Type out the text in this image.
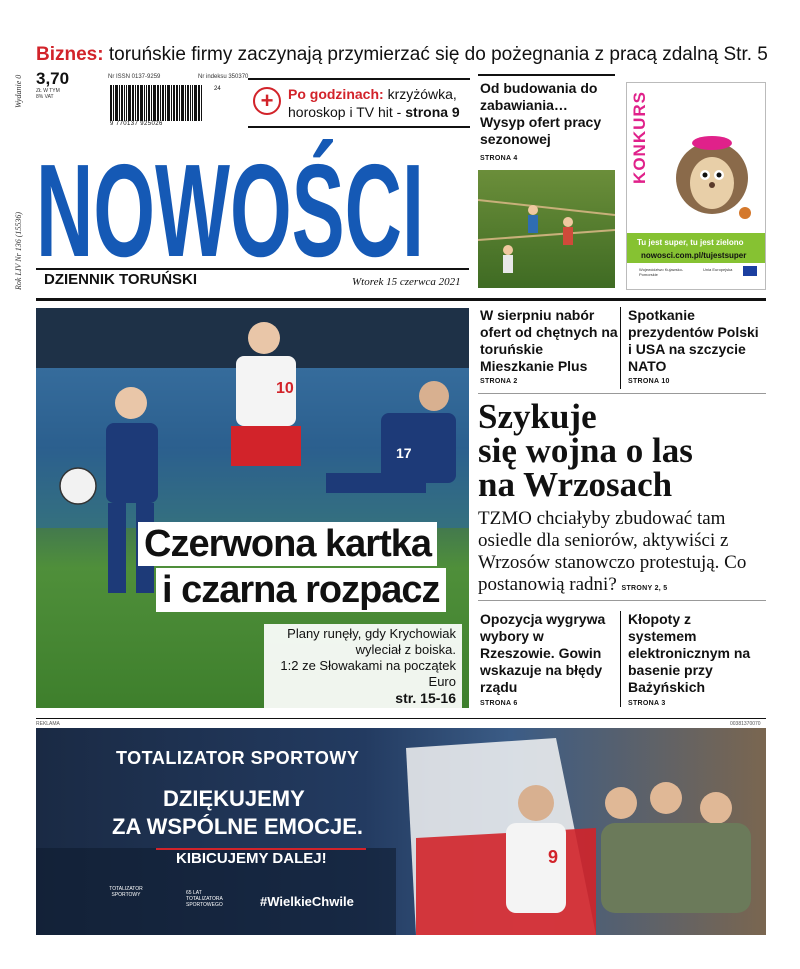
Biznes: toruńskie firmy zaczynają przymierzać się do pożegnania z pracą zdalną Str. 5
Wydanie 0
Rok LIV Nr 136 (15536)
3,70
ZŁ W TYM 8% VAT
Nr ISSN 0137-9259	Nr indeksu 350370
9 770137 925026
24	+	Po godzinach: krzyżówka, horoskop i TV hit - strona 9
NOWOŚCI
DZIENNIK TORUŃSKI	Wtorek 15 czerwca 2021
Od budowania do zabawiania… Wysyp ofert pracy sezonowej
STRONA 4	KONKURS
Tu jest super, tu jest zielono
nowosci.com.pl/tujestsuper
Województwo Kujawsko-Pomorskie
Unia Europejska
10
17
Czerwona kartka
i czarna rozpacz
Plany runęły, gdy Krychowiak
wyleciał z boiska.
1:2 ze Słowakami na początek Euro
str. 15-16
W sierpniu nabór ofert od chętnych na toruńskie Mieszkanie Plus
STRONA 2
Spotkanie prezydentów Polski i USA na szczycie NATO
STRONA 10
Szykuje
się wojna o las
na Wrzosach
TZMO chciałyby zbudować tam osiedle dla seniorów, aktywiści z Wrzosów stanowczo protestują. Co postanowią radni? STRONY 2, 5
Opozycja wygrywa wybory w Rzeszowie. Gowin wskazuje na błędy rządu
STRONA 6
Kłopoty z systemem elektronicznym na basenie przy Bażyńskich
STRONA 3
REKLAMA	00381370070
9
TOTALIZATOR SPORTOWY
DZIĘKUJEMY
ZA WSPÓLNE EMOCJE.
KIBICUJEMY DALEJ!
TOTALIZATOR SPORTOWY	65 LAT TOTALIZATORA SPORTOWEGO	#WielkieChwile
